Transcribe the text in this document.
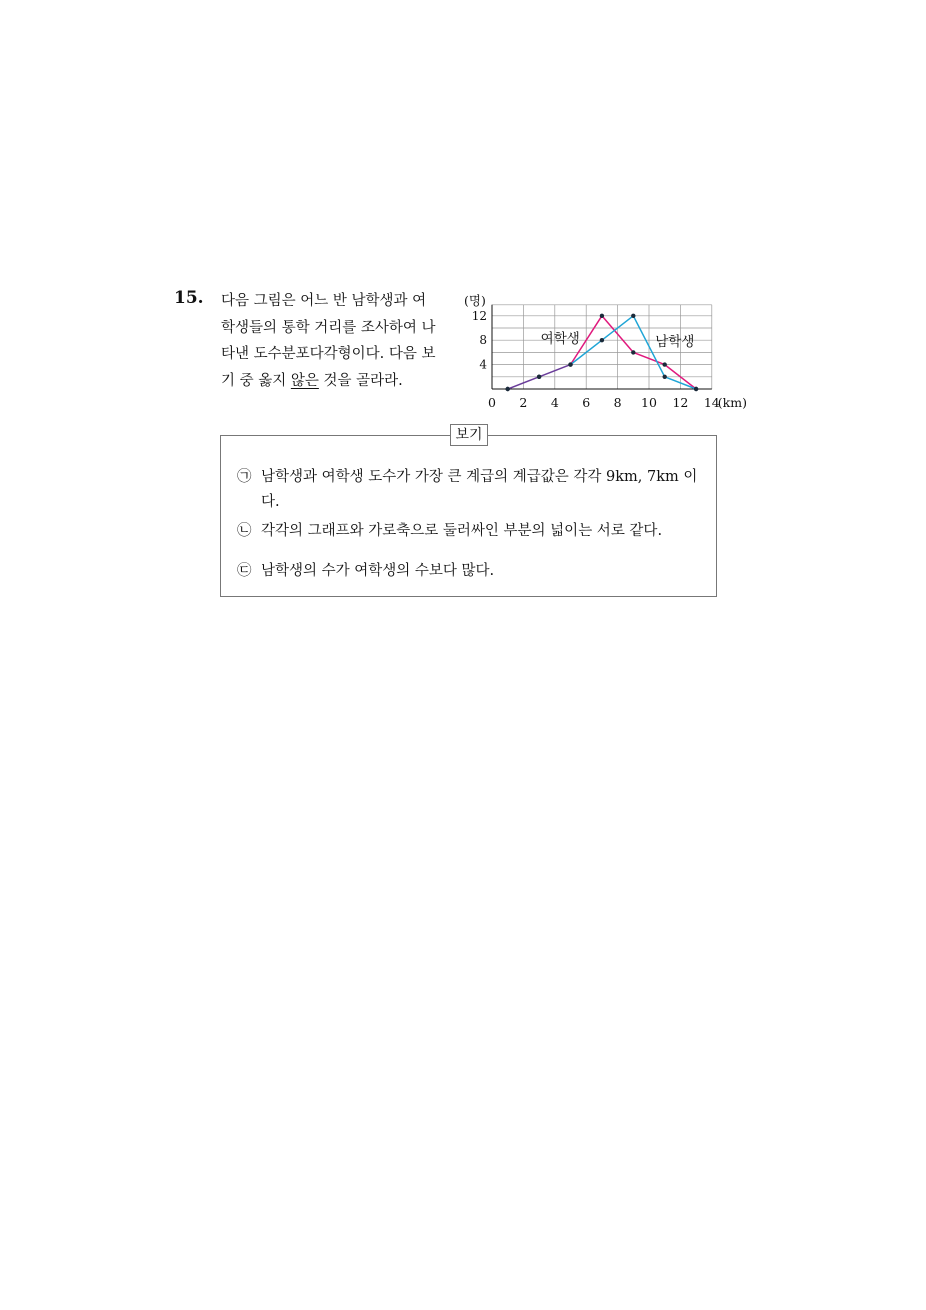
15. 다음 그림은 어느 반 남학생과 여
학생들의 통학 거리를 조사하여 나
타낸 도수분포다각형이다. 다음 보
기 중 옳지 않은 것을 골라라.
0 2 4 6 8 10 12 14
4
8
12
(명)
(km)
여학생	남학생
보기
㉠ 남학생과 여학생 도수가 가장 큰 계급의 계급값은 각각 9km, 7km 이다.
㉡ 각각의 그래프와 가로축으로 둘러싸인 부분의 넓이는 서로 같다.
㉢ 남학생의 수가 여학생의 수보다 많다.
